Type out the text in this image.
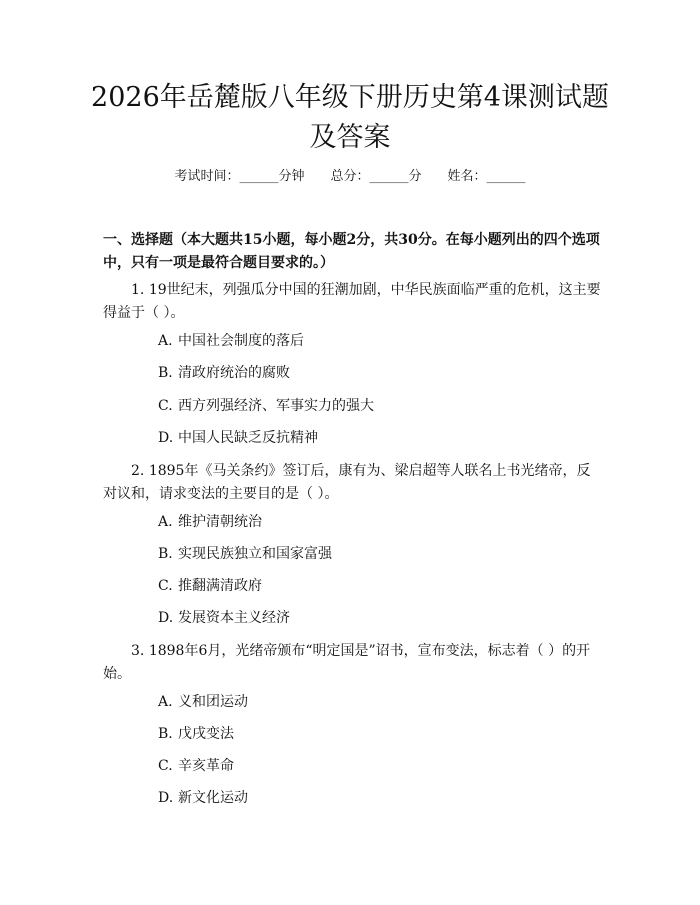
2026年岳麓版八年级下册历史第4课测试题及答案
考试时间：______分钟　　总分：______分　　姓名：______
一、选择题（本大题共15小题，每小题2分，共30分。在每小题列出的四个选项中，只有一项是最符合题目要求的。）
1. 19世纪末，列强瓜分中国的狂潮加剧，中华民族面临严重的危机，这主要得益于（ ）。
A. 中国社会制度的落后
B. 清政府统治的腐败
C. 西方列强经济、军事实力的强大
D. 中国人民缺乏反抗精神
2. 1895年《马关条约》签订后，康有为、梁启超等人联名上书光绪帝，反对议和，请求变法的主要目的是（ ）。
A. 维护清朝统治
B. 实现民族独立和国家富强
C. 推翻满清政府
D. 发展资本主义经济
3. 1898年6月，光绪帝颁布“明定国是”诏书，宣布变法，标志着（ ）的开始。
A. 义和团运动
B. 戊戌变法
C. 辛亥革命
D. 新文化运动
